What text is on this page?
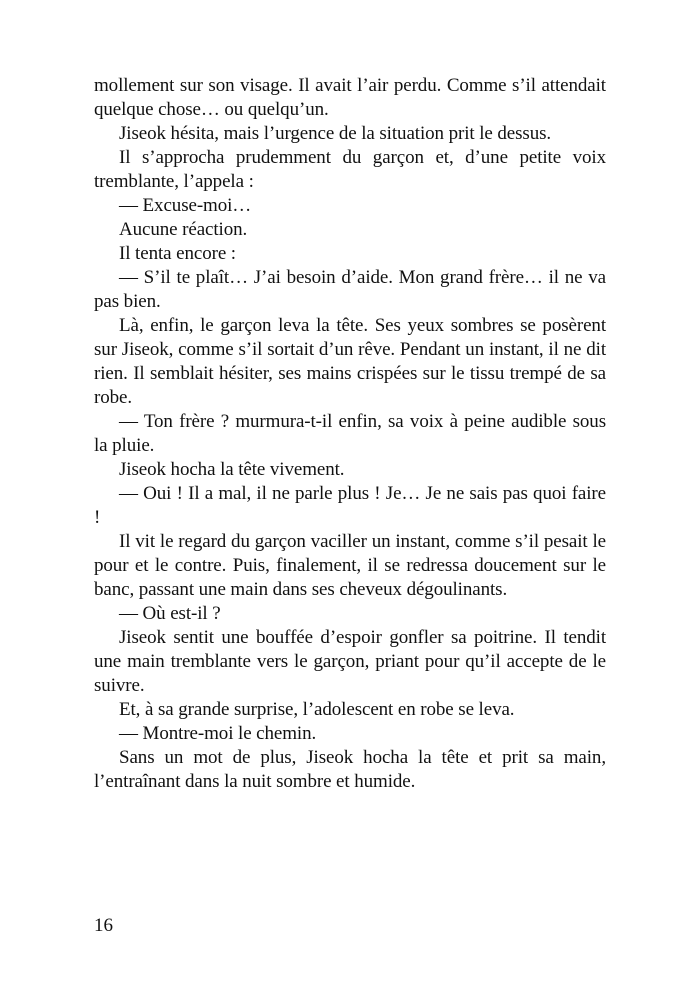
mollement sur son visage. Il avait l’air perdu. Comme s’il attendait quelque chose… ou quelqu’un.

Jiseok hésita, mais l’urgence de la situation prit le dessus.

Il s’approcha prudemment du garçon et, d’une petite voix tremblante, l’appela :

— Excuse-moi…

Aucune réaction.

Il tenta encore :

— S’il te plaît… J’ai besoin d’aide. Mon grand frère… il ne va pas bien.

Là, enfin, le garçon leva la tête. Ses yeux sombres se posèrent sur Jiseok, comme s’il sortait d’un rêve. Pendant un instant, il ne dit rien. Il semblait hésiter, ses mains crispées sur le tissu trempé de sa robe.

— Ton frère ? murmura-t-il enfin, sa voix à peine audible sous la pluie.

Jiseok hocha la tête vivement.

— Oui ! Il a mal, il ne parle plus ! Je… Je ne sais pas quoi faire !

Il vit le regard du garçon vaciller un instant, comme s’il pesait le pour et le contre. Puis, finalement, il se redressa doucement sur le banc, passant une main dans ses cheveux dégoulinants.

— Où est-il ?

Jiseok sentit une bouffée d’espoir gonfler sa poitrine. Il tendit une main tremblante vers le garçon, priant pour qu’il accepte de le suivre.

Et, à sa grande surprise, l’adolescent en robe se leva.

— Montre-moi le chemin.

Sans un mot de plus, Jiseok hocha la tête et prit sa main, l’entraînant dans la nuit sombre et humide.

16
